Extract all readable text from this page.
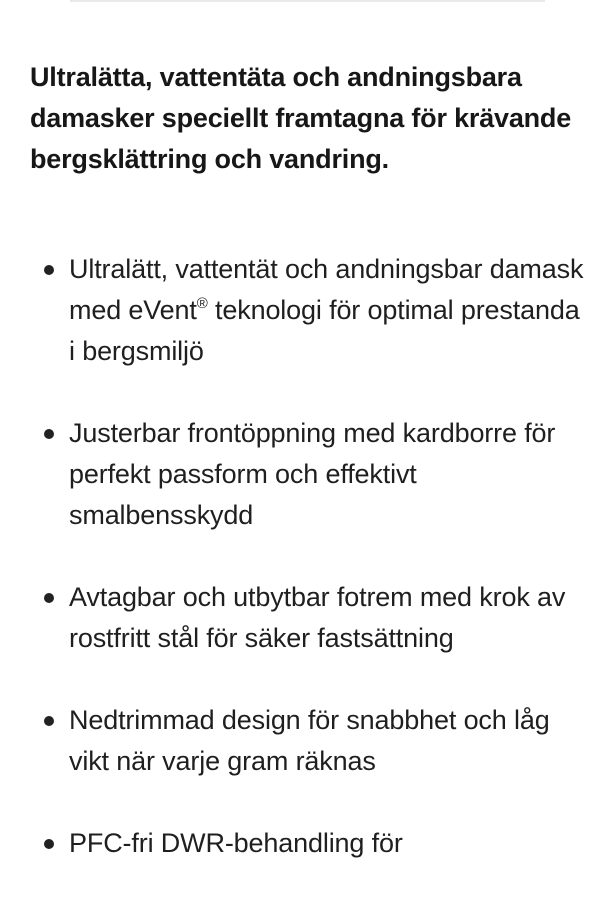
Ultralätta, vattentäta och andningsbara damasker speciellt framtagna för krävande bergsklättring och vandring.

Ultralätt, vattentät och andningsbar damask med eVent® teknologi för optimal prestanda i bergsmiljö
Justerbar frontöppning med kardborre för perfekt passform och effektivt smalbensskydd
Avtagbar och utbytbar fotrem med krok av rostfritt stål för säker fastsättning
Nedtrimmad design för snabbhet och låg vikt när varje gram räknas
PFC-fri DWR-behandling för
